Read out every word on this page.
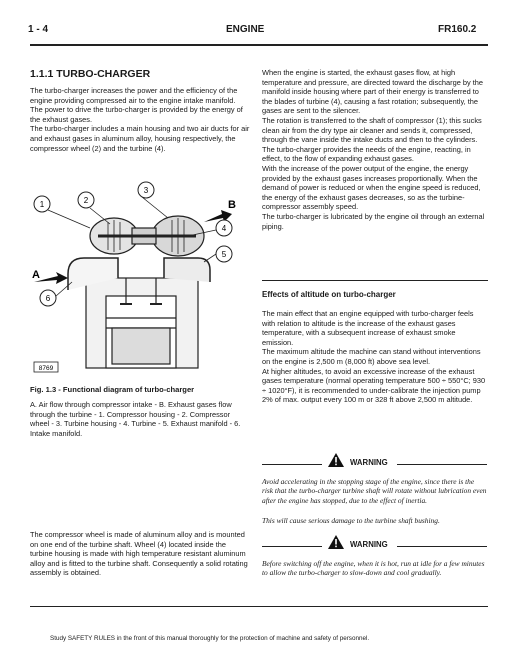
1 - 4	ENGINE	FR160.2

1.1.1 TURBO-CHARGER

The turbo-charger increases the power and the efficiency of the engine providing compressed air to the engine intake manifold. The power to drive the turbo-charger is provided by the energy of the exhaust gases.

The turbo-charger includes a main housing and two air ducts for air and exhaust gases in aluminum alloy, housing respectively, the compressor wheel (2) and the turbine (4).

1	2
3
4
5
6
A
B
8769

Fig. 1.3 - Functional diagram of turbo-charger

A. Air flow through compressor intake - B. Exhaust gases flow through the turbine - 1. Compressor housing - 2. Compressor wheel - 3. Turbine housing - 4. Turbine - 5. Exhaust manifold - 6. Intake manifold.

The compressor wheel is made of aluminum alloy and is mounted on one end of the turbine shaft. Wheel (4) located inside the turbine housing is made with high temperature resistant aluminum alloy and is fitted to the turbine shaft. Consequently a solid rotating assembly is obtained.

When the engine is started, the exhaust gases flow, at high temperature and pressure, are directed toward the discharge by the manifold inside housing where part of their energy is transferred to the blades of turbine (4), causing a fast rotation; subsequently, the gases are sent to the silencer.

The rotation is transferred to the shaft of compressor (1); this sucks clean air from the dry type air cleaner and sends it, compressed, through the vane inside the intake ducts and then to the cylinders.

The turbo-charger provides the needs of the engine, reacting, in effect, to the flow of expanding exhaust gases.

With the increase of the power output of the engine, the energy provided by the exhaust gases increases proportionally. When the demand of power is reduced or when the engine speed is reduced, the energy of the exhaust gases decreases, so as the turbine-compressor assembly speed.

The turbo-charger is lubricated by the engine oil through an external piping.

Effects of altitude on turbo-charger

The main effect that an engine equipped with turbo-charger feels with relation to altitude is the increase of the exhaust gases temperature, with a subsequent increase of exhaust smoke emission.

The maximum altitude the machine can stand without interventions on the engine is 2,500 m (8,000 ft) above sea level.

At higher altitudes, to avoid an excessive increase of the exhaust gases temperature (normal operating temperature 500 ÷ 550°C; 930 ÷ 1020°F), it is recommended to under-calibrate the injection pump 2% of max. output every 100 m or 328 ft above 2,500 m altitude.

WARNING

Avoid accelerating in the stopping stage of the engine, since there is the risk that the turbo-charger turbine shaft will rotate without lubrication even after the engine has stopped, due to the effect of inertia.

This will cause serious damage to the turbine shaft bushing.

WARNING

Before switching off the engine, when it is hot, run at idle for a few minutes to allow the turbo-charger to slow-down and cool gradually.

Study SAFETY RULES in the front of this manual thoroughly for the protection of machine and safety of personnel.
